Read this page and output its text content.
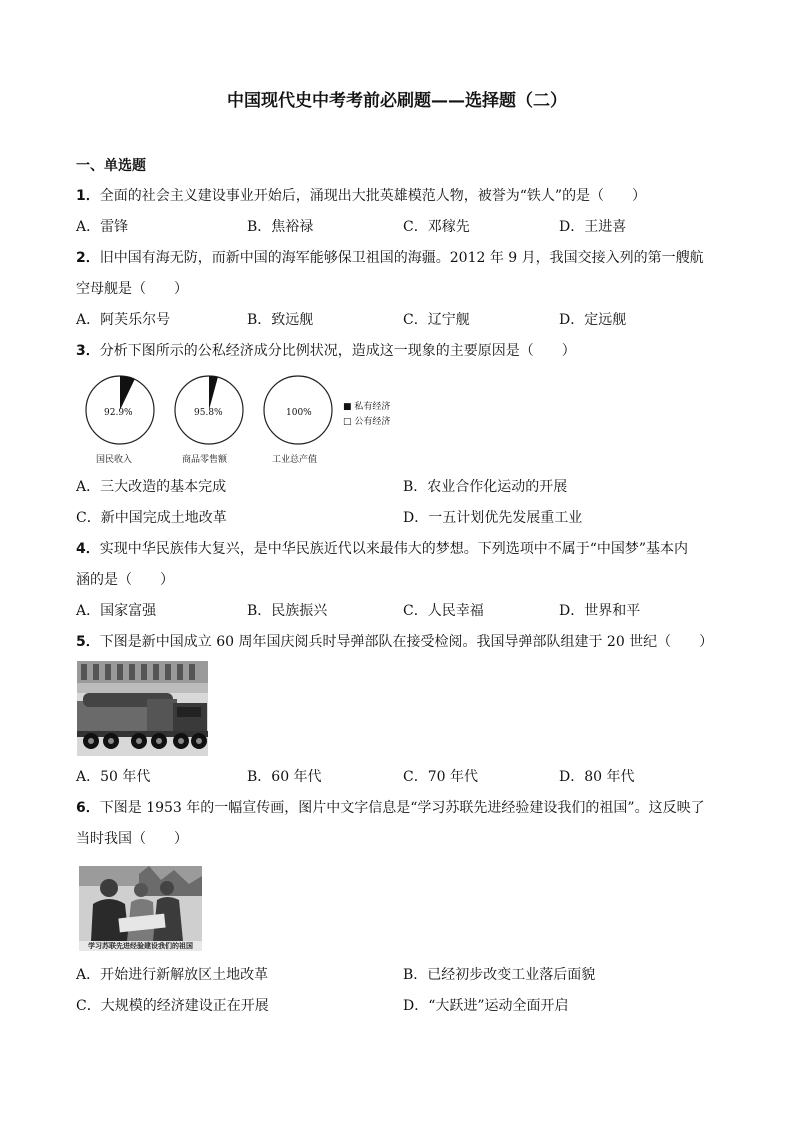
中国现代史中考考前必刷题——选择题（二）
一、单选题
1．全面的社会主义建设事业开始后，涌现出大批英雄模范人物，被誉为“铁人”的是（　　）
A．雷锋	B．焦裕禄	C．邓稼先	D．王进喜
2．旧中国有海无防，而新中国的海军能够保卫祖国的海疆。2012 年 9 月，我国交接入列的第一艘航
空母舰是（　　）
A．阿芙乐尔号	B．致远舰	C．辽宁舰	D．定远舰
3．分析下图所示的公私经济成分比例状况，造成这一现象的主要原因是（　　）
92.9%
国民收入
95.8%
商品零售额
100%
工业总产值
■ 私有经济
□ 公有经济
A．三大改造的基本完成	B．农业合作化运动的开展
C．新中国完成土地改革	D．一五计划优先发展重工业
4．实现中华民族伟大复兴，是中华民族近代以来最伟大的梦想。下列选项中不属于“中国梦”基本内
涵的是（　　）
A．国家富强	B．民族振兴	C．人民幸福	D．世界和平
5．下图是新中国成立 60 周年国庆阅兵时导弹部队在接受检阅。我国导弹部队组建于 20 世纪（　　）
A．50 年代	B．60 年代	C．70 年代	D．80 年代
6．下图是 1953 年的一幅宣传画，图片中文字信息是“学习苏联先进经验建设我们的祖国”。这反映了
当时我国（　　）
学习苏联先进经验建设我们的祖国
A．开始进行新解放区土地改革	B．已经初步改变工业落后面貌
C．大规模的经济建设正在开展	D．“大跃进”运动全面开启
